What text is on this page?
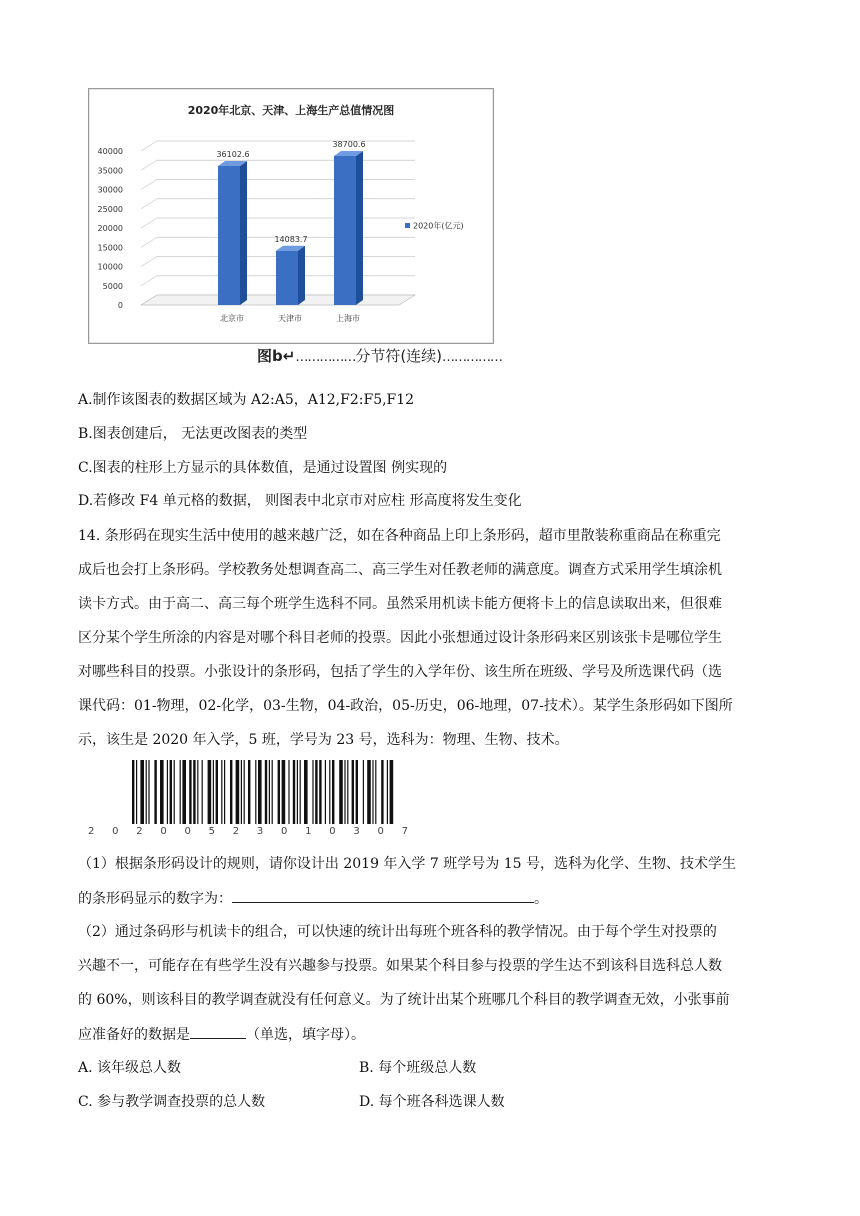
2020年北京、天津、上海生产总值情况图
40000
35000
30000
25000
20000
15000
10000
5000
0
36102.6
14083.7
38700.6
北京市	天津市	上海市
2020年(亿元)
图b↵……………分节符(连续)……………
A.制作该图表的数据区域为 A2:A5，A12,F2:F5,F12
B.图表创建后， 无法更改图表的类型
C.图表的柱形上方显示的具体数值，是通过设置图 例实现的
D.若修改 F4 单元格的数据， 则图表中北京市对应柱 形高度将发生变化
14. 条形码在现实生活中使用的越来越广泛，如在各种商品上印上条形码，超市里散装称重商品在称重完
成后也会打上条形码。学校教务处想调查高二、高三学生对任教老师的满意度。调查方式采用学生填涂机
读卡方式。由于高二、高三每个班学生选科不同。虽然采用机读卡能方便将卡上的信息读取出来，但很难
区分某个学生所涂的内容是对哪个科目老师的投票。因此小张想通过设计条形码来区别该张卡是哪位学生
对哪些科目的投票。小张设计的条形码，包括了学生的入学年份、该生所在班级、学号及所选课代码（选
课代码：01-物理，02-化学，03-生物，04-政治，05-历史，06-地理，07-技术）。某学生条形码如下图所
示，该生是 2020 年入学，5 班，学号为 23 号，选科为：物理、生物、技术。
2 0 2 0 0 5 2 3 0 1 0 3 0 7
（1）根据条形码设计的规则，请你设计出 2019 年入学 7 班学号为 15 号，选科为化学、生物、技术学生
的条形码显示的数字为：	。
（2）通过条码形与机读卡的组合，可以快速的统计出每班个班各科的教学情况。由于每个学生对投票的
兴趣不一，可能存在有些学生没有兴趣参与投票。如果某个科目参与投票的学生达不到该科目选科总人数
的 60%，则该科目的教学调查就没有任何意义。为了统计出某个班哪几个科目的教学调查无效，小张事前
应准备好的数据是	（单选，填字母）。
A. 该年级总人数	B. 每个班级总人数
C. 参与教学调查投票的总人数	D. 每个班各科选课人数
